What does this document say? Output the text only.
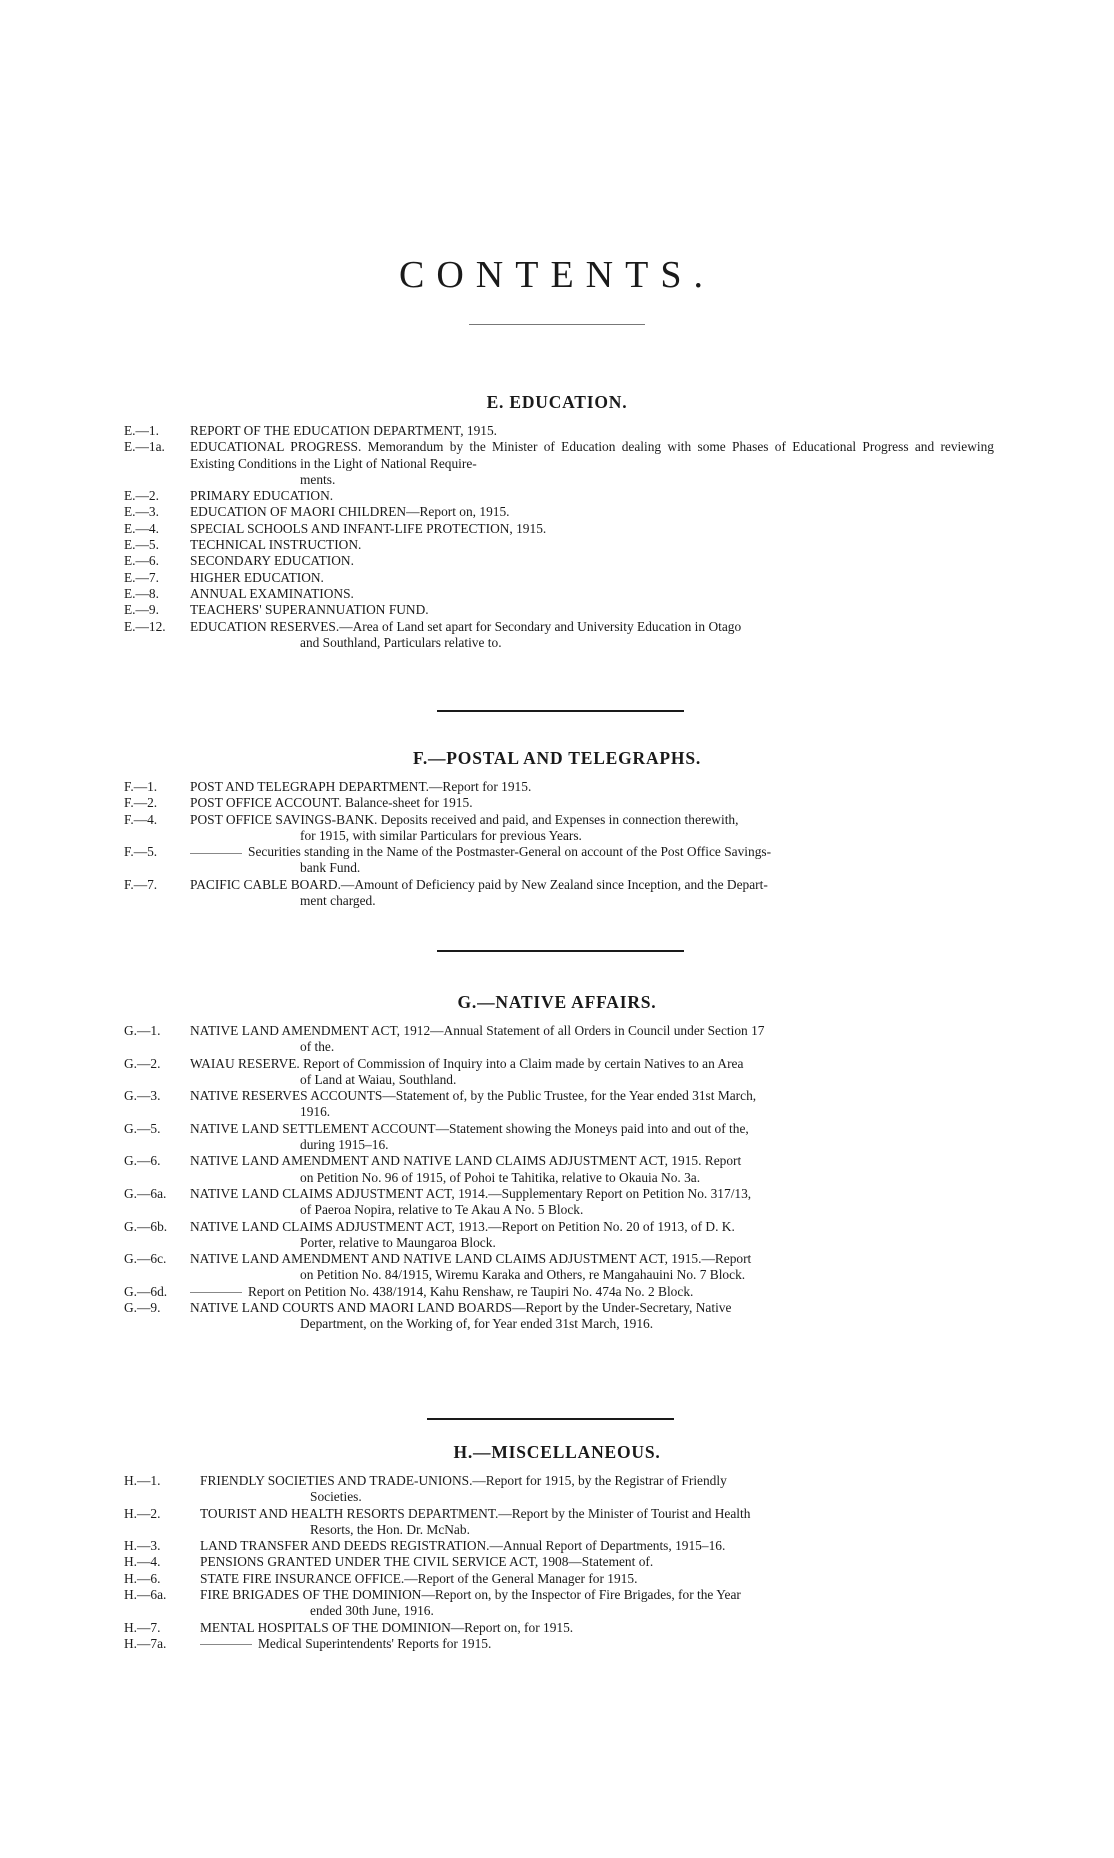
CONTENTS.
E. EDUCATION.
E.—1.	REPORT OF THE EDUCATION DEPARTMENT, 1915.
E.—1a.	EDUCATIONAL PROGRESS. Memorandum by the Minister of Education dealing with some Phases of Educational Progress and reviewing Existing Conditions in the Light of National Require-
ments.
E.—2.	PRIMARY EDUCATION.
E.—3.	EDUCATION OF MAORI CHILDREN—Report on, 1915.
E.—4.	SPECIAL SCHOOLS AND INFANT-LIFE PROTECTION, 1915.
E.—5.	TECHNICAL INSTRUCTION.
E.—6.	SECONDARY EDUCATION.
E.—7.	HIGHER EDUCATION.
E.—8.	ANNUAL EXAMINATIONS.
E.—9.	TEACHERS' SUPERANNUATION FUND.
E.—12.	EDUCATION RESERVES.—Area of Land set apart for Secondary and University Education in Otago
and Southland, Particulars relative to.
F.—POSTAL AND TELEGRAPHS.
F.—1.	POST AND TELEGRAPH DEPARTMENT.—Report for 1915.
F.—2.	POST OFFICE ACCOUNT. Balance-sheet for 1915.
F.—4.	POST OFFICE SAVINGS-BANK. Deposits received and paid, and Expenses in connection therewith,
for 1915, with similar Particulars for previous Years.
F.—5.	Securities standing in the Name of the Postmaster-General on account of the Post Office Savings-
bank Fund.
F.—7.	PACIFIC CABLE BOARD.—Amount of Deficiency paid by New Zealand since Inception, and the Depart-
ment charged.
G.—NATIVE AFFAIRS.
G.—1.	NATIVE LAND AMENDMENT ACT, 1912—Annual Statement of all Orders in Council under Section 17
of the.
G.—2.	WAIAU RESERVE. Report of Commission of Inquiry into a Claim made by certain Natives to an Area
of Land at Waiau, Southland.
G.—3.	NATIVE RESERVES ACCOUNTS—Statement of, by the Public Trustee, for the Year ended 31st March,
1916.
G.—5.	NATIVE LAND SETTLEMENT ACCOUNT—Statement showing the Moneys paid into and out of the,
during 1915–16.
G.—6.	NATIVE LAND AMENDMENT AND NATIVE LAND CLAIMS ADJUSTMENT ACT, 1915. Report
on Petition No. 96 of 1915, of Pohoi te Tahitika, relative to Okauia No. 3a.
G.—6a.	NATIVE LAND CLAIMS ADJUSTMENT ACT, 1914.—Supplementary Report on Petition No. 317/13,
of Paeroa Nopira, relative to Te Akau A No. 5 Block.
G.—6b.	NATIVE LAND CLAIMS ADJUSTMENT ACT, 1913.—Report on Petition No. 20 of 1913, of D. K.
Porter, relative to Maungaroa Block.
G.—6c.	NATIVE LAND AMENDMENT AND NATIVE LAND CLAIMS ADJUSTMENT ACT, 1915.—Report
on Petition No. 84/1915, Wiremu Karaka and Others, re Mangahauini No. 7 Block.
G.—6d.	Report on Petition No. 438/1914, Kahu Renshaw, re Taupiri No. 474a No. 2 Block.
G.—9.	NATIVE LAND COURTS AND MAORI LAND BOARDS—Report by the Under-Secretary, Native
Department, on the Working of, for Year ended 31st March, 1916.
H.—MISCELLANEOUS.
H.—1.	FRIENDLY SOCIETIES AND TRADE-UNIONS.—Report for 1915, by the Registrar of Friendly
Societies.
H.—2.	TOURIST AND HEALTH RESORTS DEPARTMENT.—Report by the Minister of Tourist and Health
Resorts, the Hon. Dr. McNab.
H.—3.	LAND TRANSFER AND DEEDS REGISTRATION.—Annual Report of Departments, 1915–16.
H.—4.	PENSIONS GRANTED UNDER THE CIVIL SERVICE ACT, 1908—Statement of.
H.—6.	STATE FIRE INSURANCE OFFICE.—Report of the General Manager for 1915.
H.—6a.	FIRE BRIGADES OF THE DOMINION—Report on, by the Inspector of Fire Brigades, for the Year
ended 30th June, 1916.
H.—7.	MENTAL HOSPITALS OF THE DOMINION—Report on, for 1915.
H.—7a.	Medical Superintendents' Reports for 1915.
